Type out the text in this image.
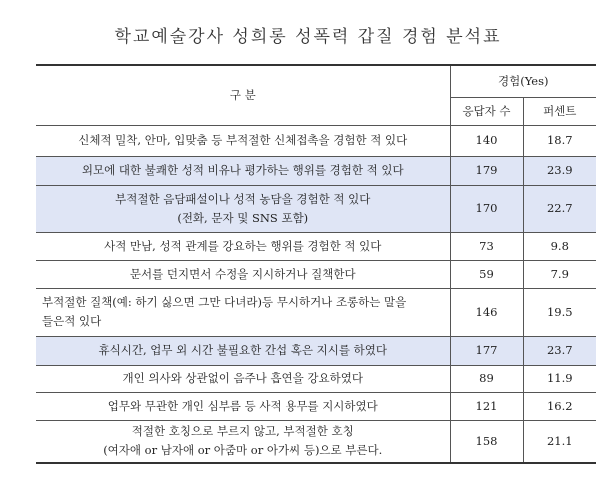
학교예술강사 성희롱 성폭력 갑질 경험 분석표
구 분	경험(Yes)	
	응답자 수	퍼센트

신체적 밀착, 안마, 입맞춤 등 부적절한 신체접촉을 경험한 적 있다	140	18.7

외모에 대한 불쾌한 성적 비유나 평가하는 행위를 경험한 적 있다	179	23.9

부적절한 음담패설이나 성적 농담을 경험한 적 있다
(전화, 문자 및 SNS 포함)	170	22.7

사적 만남, 성적 관계를 강요하는 행위를 경험한 적 있다	73	9.8

문서를 던지면서 수정을 지시하거나 질책한다	59	7.9

부적절한 질책(예: 하기 싫으면 그만 다녀라)등 무시하거나 조롱하는 말을
들은적 있다	146	19.5

휴식시간, 업무 외 시간 불필요한 간섭 혹은 지시를 하였다	177	23.7

개인 의사와 상관없이 음주나 흡연을 강요하였다	89	11.9

업무와 무관한 개인 심부름 등 사적 용무를 지시하였다	121	16.2

적절한 호칭으로 부르지 않고, 부적절한 호칭
(여자애 or 남자애 or 아줌마 or 아가씨 등)으로 부른다.	158	21.1
